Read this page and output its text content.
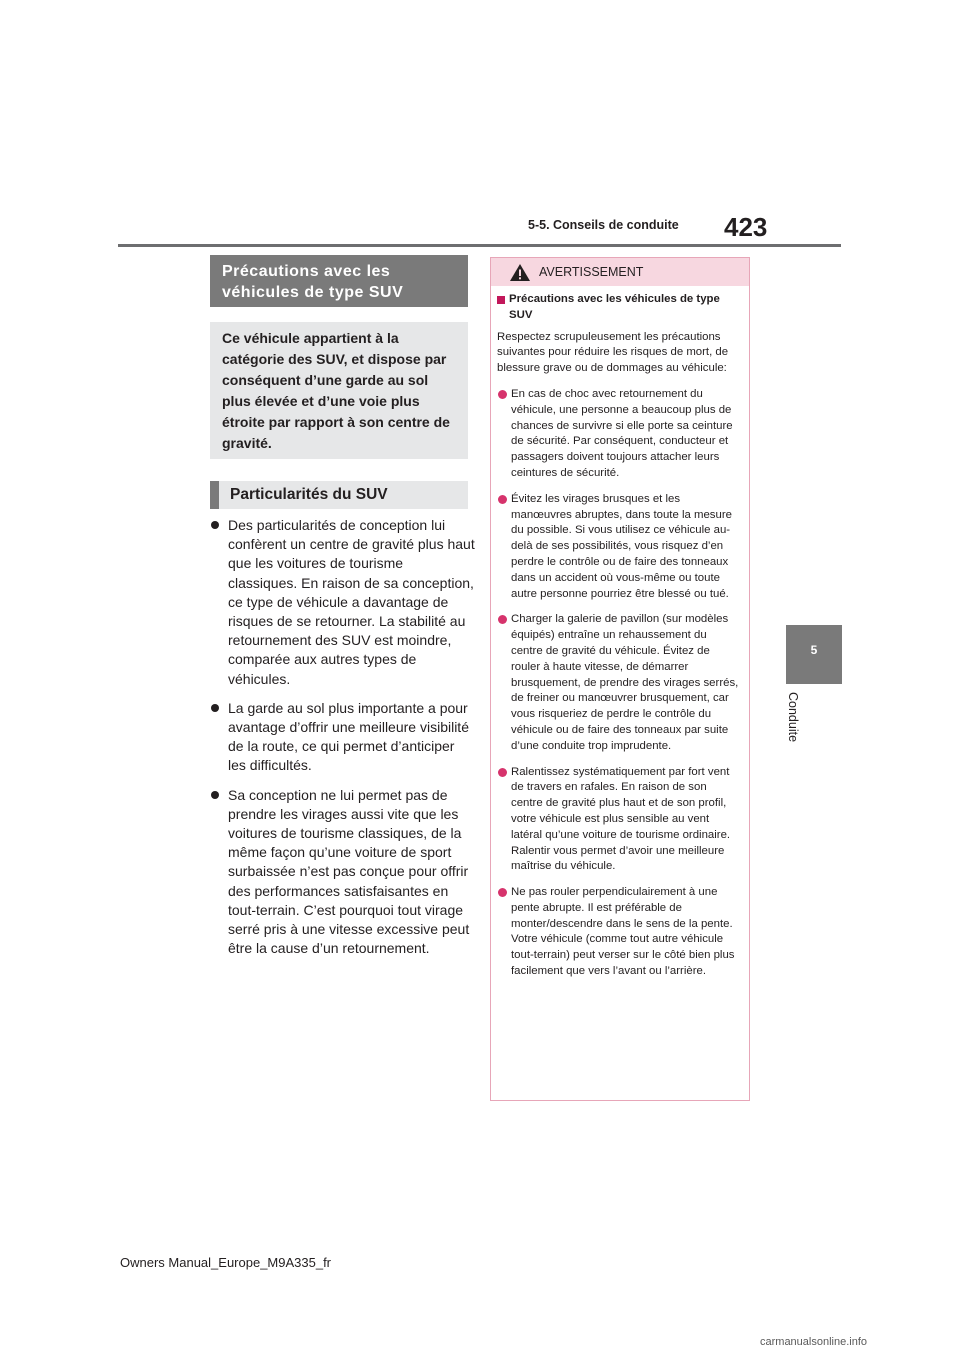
5-5. Conseils de conduite 423
5
Conduite
Précautions avec les véhicules de type SUV
Ce véhicule appartient à la catégorie des SUV, et dispose par conséquent d’une garde au sol plus élevée et d’une voie plus étroite par rapport à son centre de gravité.
Particularités du SUV
Des particularités de conception lui confèrent un centre de gravité plus haut que les voitures de tourisme classiques. En raison de sa conception, ce type de véhicule a davantage de risques de se retourner. La stabilité au retournement des SUV est moindre, comparée aux autres types de véhicules.
La garde au sol plus importante a pour avantage d’offrir une meilleure visibilité de la route, ce qui permet d’anticiper les difficultés.
Sa conception ne lui permet pas de prendre les virages aussi vite que les voitures de tourisme classiques, de la même façon qu’une voiture de sport surbaissée n’est pas conçue pour offrir des performances satisfaisantes en tout-terrain. C’est pourquoi tout virage serré pris à une vitesse excessive peut être la cause d’un retournement.
AVERTISSEMENT
Précautions avec les véhicules de type SUV
Respectez scrupuleusement les précautions suivantes pour réduire les risques de mort, de blessure grave ou de dommages au véhicule:
En cas de choc avec retournement du véhicule, une personne a beaucoup plus de chances de survivre si elle porte sa ceinture de sécurité. Par conséquent, conducteur et passagers doivent toujours attacher leurs ceintures de sécurité.
Évitez les virages brusques et les manœuvres abruptes, dans toute la mesure du possible. Si vous utilisez ce véhicule au-delà de ses possibilités, vous risquez d’en perdre le contrôle ou de faire des tonneaux dans un accident où vous-même ou toute autre personne pourriez être blessé ou tué.
Charger la galerie de pavillon (sur modèles équipés) entraîne un rehaussement du centre de gravité du véhicule. Évitez de rouler à haute vitesse, de démarrer brusquement, de prendre des virages serrés, de freiner ou manœuvrer brusquement, car vous risqueriez de perdre le contrôle du véhicule ou de faire des tonneaux par suite d’une conduite trop imprudente.
Ralentissez systématiquement par fort vent de travers en rafales. En raison de son centre de gravité plus haut et de son profil, votre véhicule est plus sensible au vent latéral qu’une voiture de tourisme ordinaire. Ralentir vous permet d’avoir une meilleure maîtrise du véhicule.
Ne pas rouler perpendiculairement à une pente abrupte. Il est préférable de monter/descendre dans le sens de la pente. Votre véhicule (comme tout autre véhicule tout-terrain) peut verser sur le côté bien plus facilement que vers l’avant ou l’arrière.
Owners Manual_Europe_M9A335_fr
carmanualsonline.info
